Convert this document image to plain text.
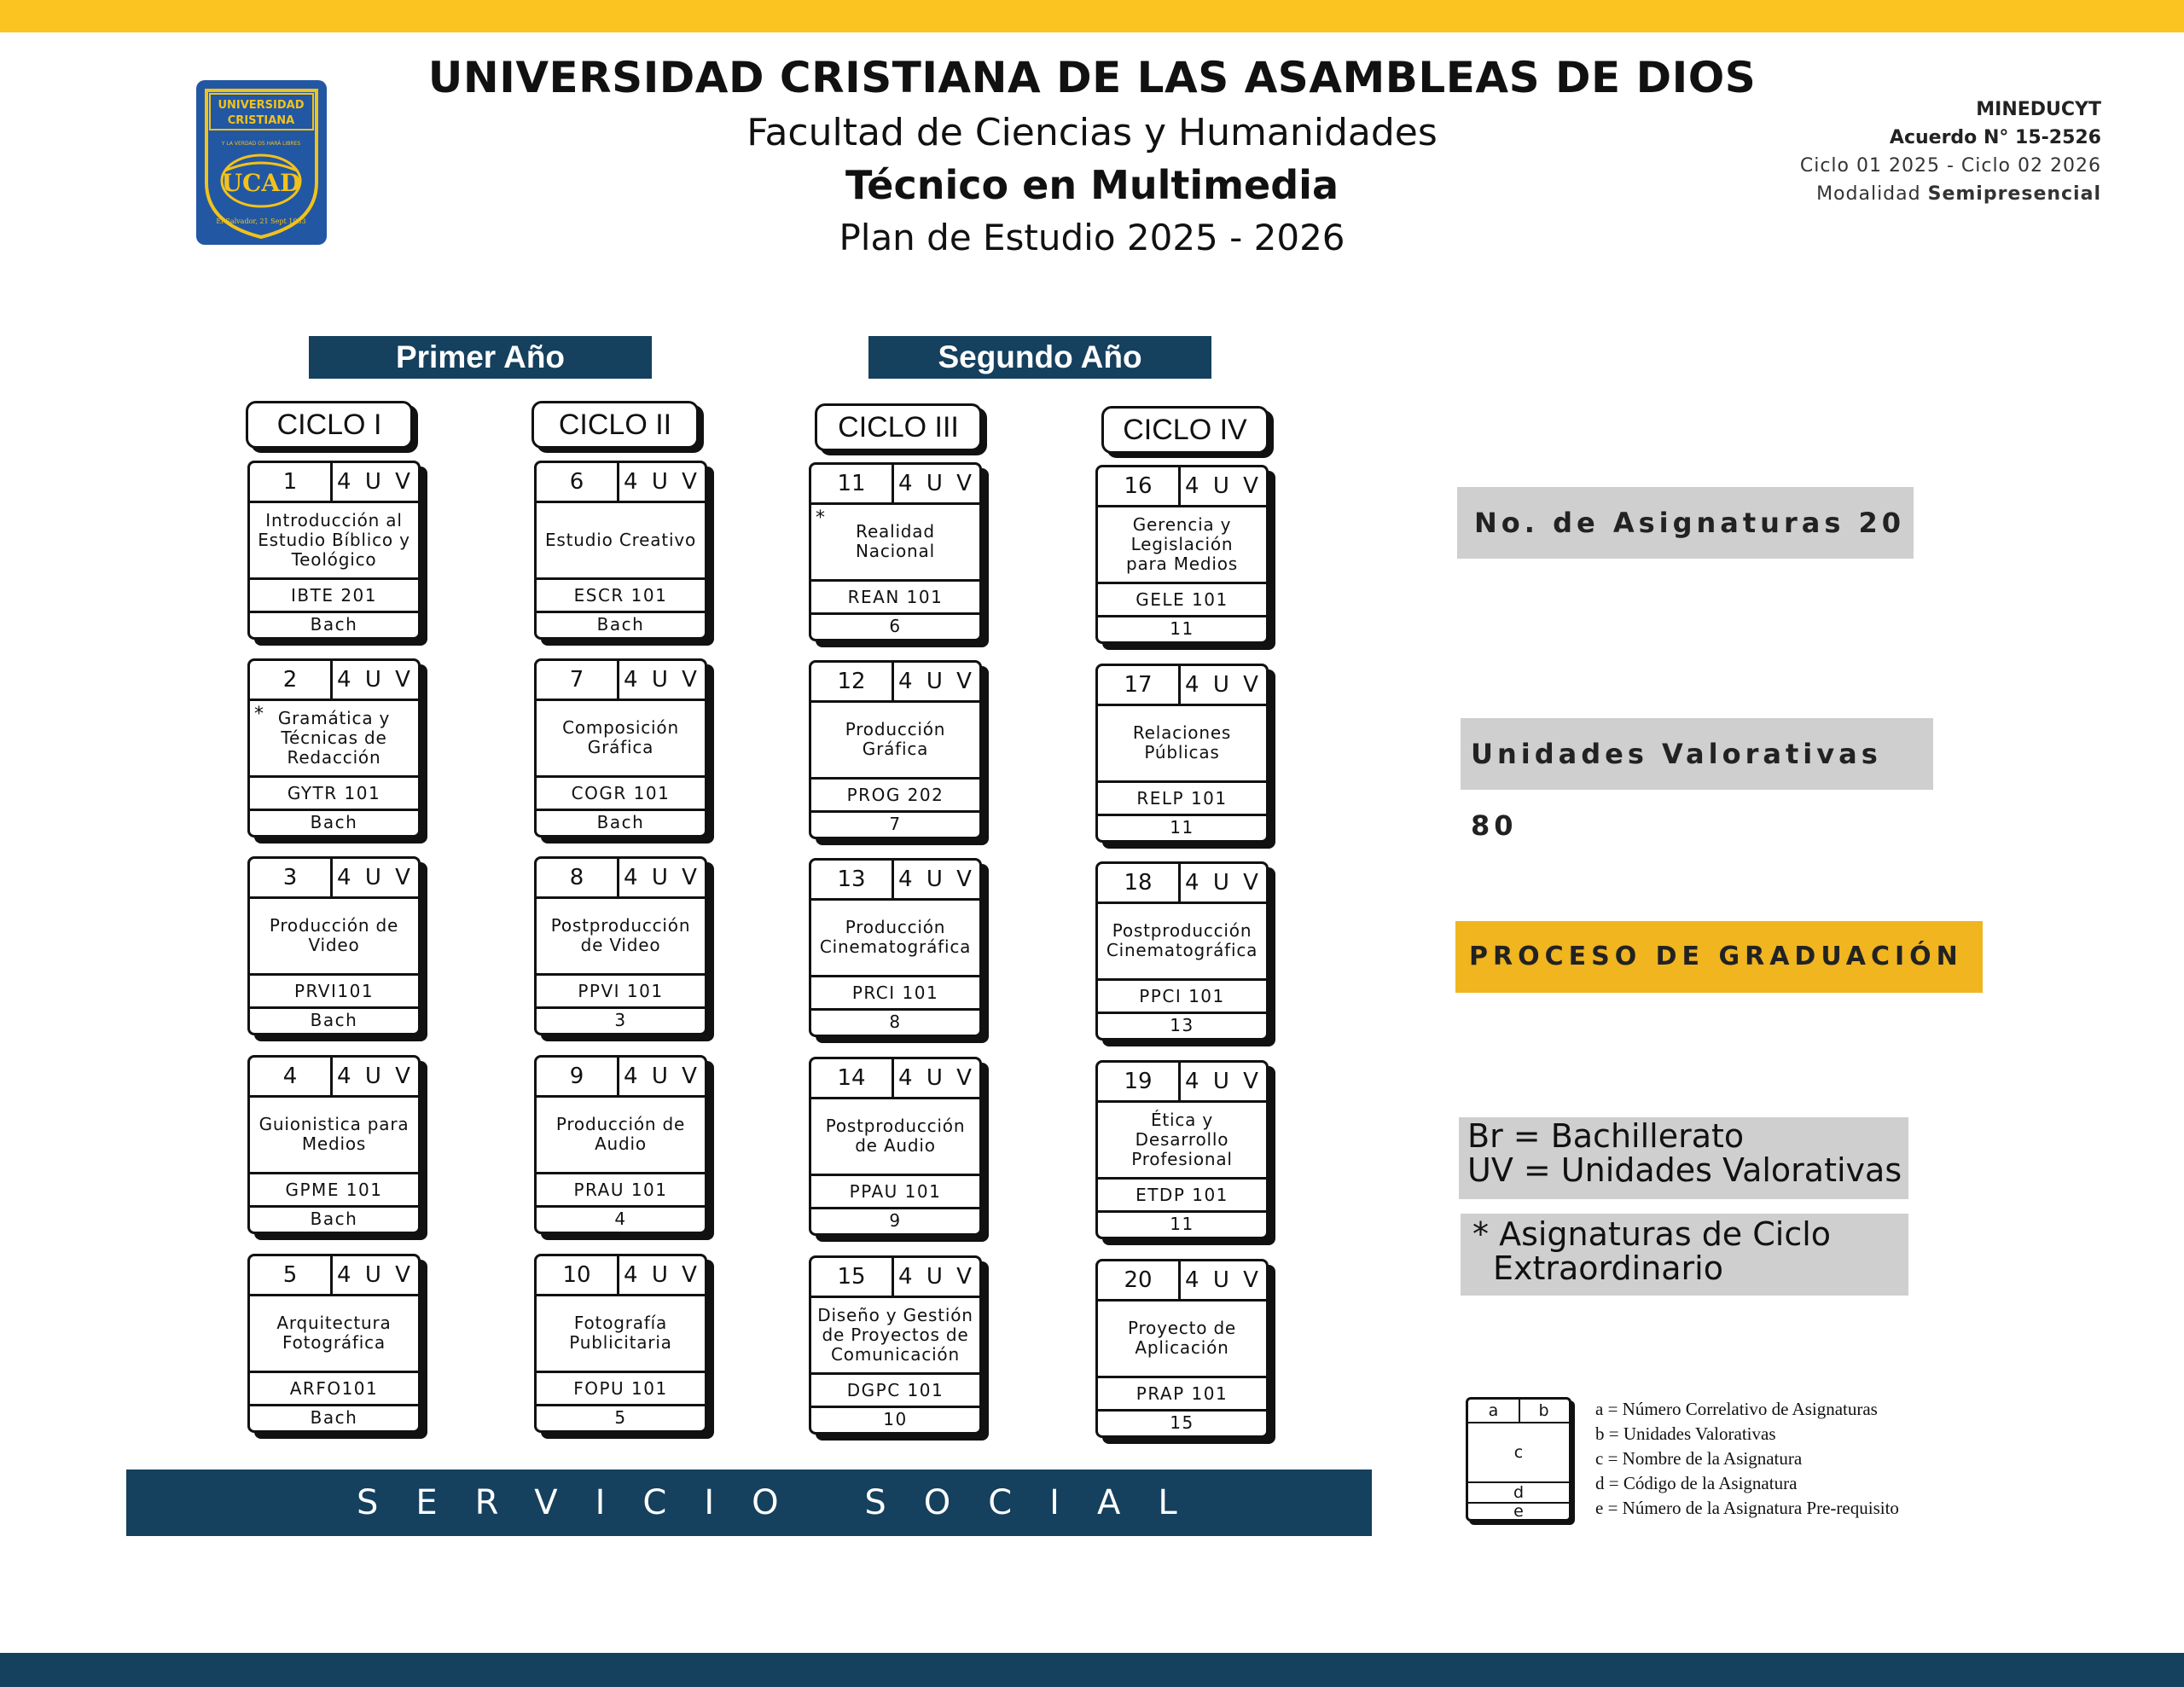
UNIVERSIDAD
CRISTIANA
Y LA VERDAD OS HARÁ LIBRES
UCAD
El Salvador, 21 Sept 1983
UNIVERSIDAD CRISTIANA DE LAS ASAMBLEAS DE DIOS
Facultad de Ciencias y Humanidades
Técnico en Multimedia
Plan de Estudio 2025 - 2026
MINEDUCYT
Acuerdo N° 15-2526
Ciclo 01 2025 - Ciclo 02 2026
Modalidad Semipresencial
Primer Año	Segundo Año
CICLO I	CICLO II	CICLO III	CICLO IV
1	4 U V
Introducción al
Estudio Bíblico y
Teológico
IBTE 201
Bach
2	4 U V
Gramática y
Técnicas de
Redacción
GYTR 101
Bach
*
3	4 U V
Producción de
Video
PRVI101
Bach
4	4 U V
Guionistica para
Medios
GPME 101
Bach
5	4 U V
Arquitectura
Fotográfica
ARFO101
Bach
6	4 U V
Estudio Creativo
ESCR 101
Bach
7	4 U V
Composición
Gráfica
COGR 101
Bach
8	4 U V
Postproducción
de Video
PPVI 101
3
9	4 U V
Producción de
Audio
PRAU 101
4
10	4 U V
Fotografía
Publicitaria
FOPU 101
5
11	4 U V
Realidad
Nacional
REAN 101
6
*
12	4 U V
Producción
Gráfica
PROG 202
7
13	4 U V
Producción
Cinematográfica
PRCI 101
8
14	4 U V
Postproducción
de Audio
PPAU 101
9
15	4 U V
Diseño y Gestión
de Proyectos de
Comunicación
DGPC 101
10
16	4 U V
Gerencia y
Legislación
para Medios
GELE 101
11
17	4 U V
Relaciones
Públicas
RELP 101
11
18	4 U V
Postproducción
Cinematográfica
PPCI 101
13
19	4 U V
Ética y
Desarrollo
Profesional
ETDP 101
11
20	4 U V
Proyecto de
Aplicación
PRAP 101
15
No. de Asignaturas 20
Unidades Valorativas 80
PROCESO DE GRADUACIÓN
Br = Bachillerato
UV = Unidades Valorativas
* Asignaturas de Ciclo
Extraordinario
SERVICIO SOCIAL
a	b
c
d
e
a = Número Correlativo de Asignaturas
b = Unidades Valorativas
c = Nombre de la Asignatura
d = Código de la Asignatura
e = Número de la Asignatura Pre-requisito
